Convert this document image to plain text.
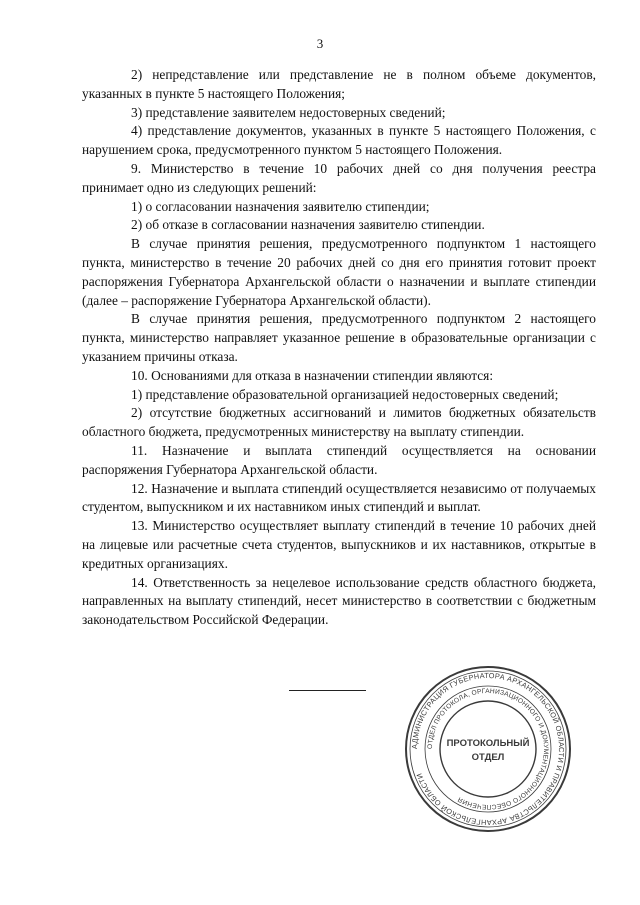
3

2) непредставление или представление не в полном объеме документов, указанных в пункте 5 настоящего Положения;

3) представление заявителем недостоверных сведений;

4) представление документов, указанных в пункте 5 настоящего Положения, с нарушением срока, предусмотренного пунктом 5 настоящего Положения.

9. Министерство в течение 10 рабочих дней со дня получения реестра принимает одно из следующих решений:

1) о согласовании назначения заявителю стипендии;

2) об отказе в согласовании назначения заявителю стипендии.

В случае принятия решения, предусмотренного подпунктом 1 настоящего пункта, министерство в течение 20 рабочих дней со дня его принятия готовит проект распоряжения Губернатора Архангельской области о назначении и выплате стипендии (далее – распоряжение Губернатора Архангельской области).

В случае принятия решения, предусмотренного подпунктом 2 настоящего пункта, министерство направляет указанное решение в образовательные организации с указанием причины отказа.

10. Основаниями для отказа в назначении стипендии являются:

1) представление образовательной организацией недостоверных сведений;

2) отсутствие бюджетных ассигнований и лимитов бюджетных обязательств областного бюджета, предусмотренных министерству на выплату стипендии.

11. Назначение и выплата стипендий осуществляется на основании распоряжения Губернатора Архангельской области.

12. Назначение и выплата стипендий осуществляется независимо от получаемых студентом, выпускником и их наставником иных стипендий и выплат.

13. Министерство осуществляет выплату стипендий в течение 10 рабочих дней на лицевые или расчетные счета студентов, выпускников и их наставников, открытые в кредитных организациях.

14. Ответственность за нецелевое использование средств областного бюджета, направленных на выплату стипендий, несет министерство в соответствии с бюджетным законодательством Российской Федерации.

АДМИНИСТРАЦИЯ ГУБЕРНАТОРА АРХАНГЕЛЬСКОЙ ОБЛАСТИ И ПРАВИТЕЛЬСТВА АРХАНГЕЛЬСКОЙ ОБЛАСТИ
ОТДЕЛ ПРОТОКОЛА, ОРГАНИЗАЦИОННОГО И ДОКУМЕНТАЦИОННОГО ОБЕСПЕЧЕНИЯ
ПРОТОКОЛЬНЫЙ
ОТДЕЛ
